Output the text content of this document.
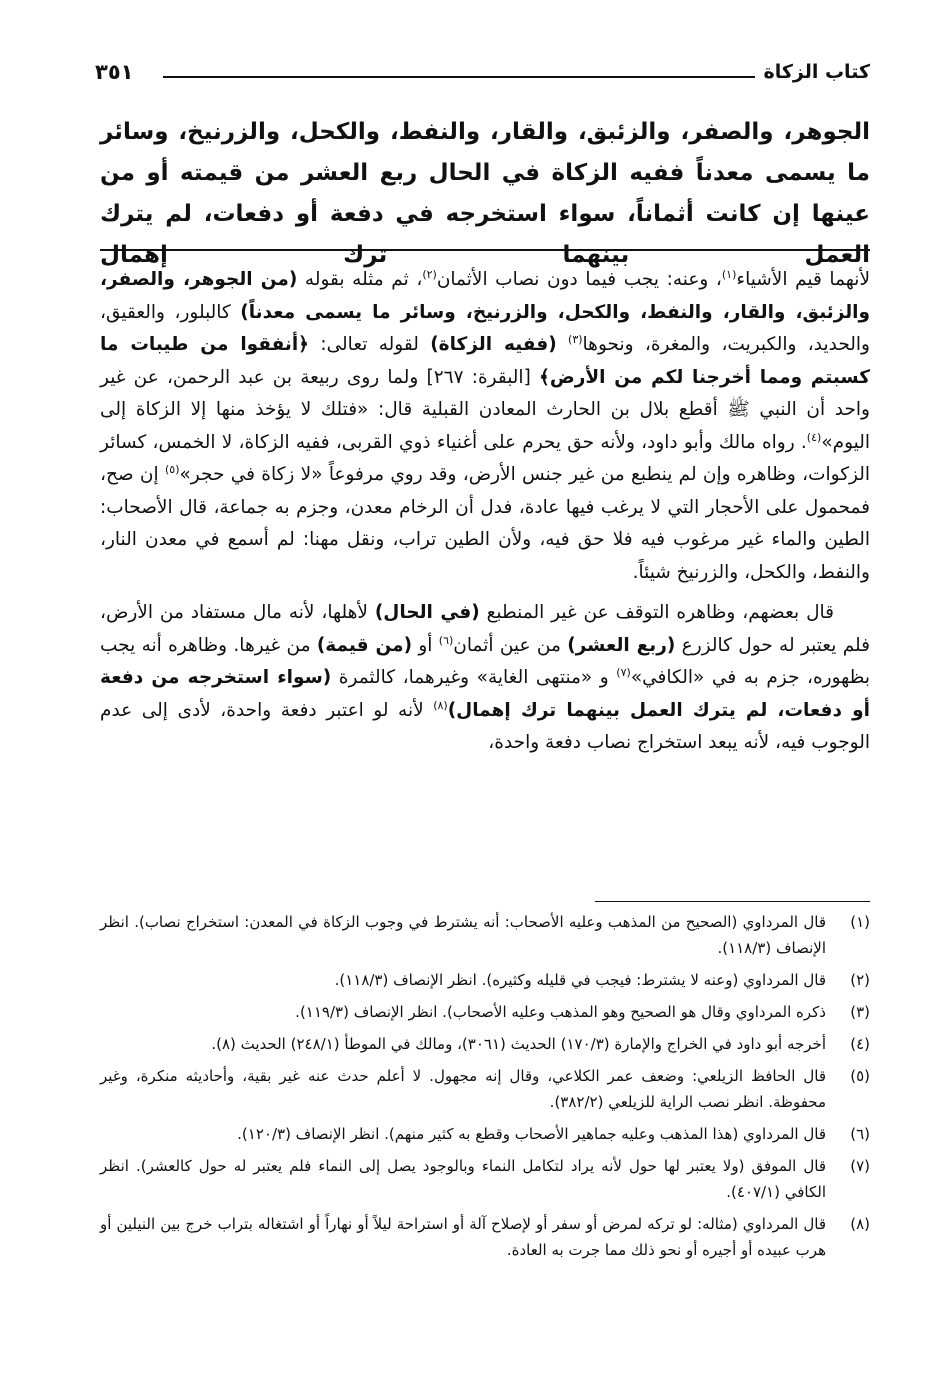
كتاب الزكاة
٣٥١

الجوهر، والصفر، والزئبق، والقار، والنفط، والكحل، والزرنيخ، وسائر ما يسمى معدناً ففيه الزكاة في الحال ربع العشر من قيمته أو من عينها إن كانت أثماناً، سواء استخرجه في دفعة أو دفعات، لم يترك العمل بينهما ترك إهمال

لأنهما قيم الأشياء$^{(١)}$، وعنه: يجب فيما دون نصاب الأثمان$^{(٢)}$، ثم مثله بقوله (من الجوهر، والصفر، والزئبق، والقار، والنفط، والكحل، والزرنيخ، وسائر ما يسمى معدناً) كالبلور، والعقيق، والحديد، والكبريت، والمغرة، ونحوها$^{(٣)}$ (ففيه الزكاة) لقوله تعالى: ﴿أنفقوا من طيبات ما كسبتم ومما أخرجنا لكم من الأرض﴾ [البقرة: ٢٦٧] ولما روى ربيعة بن عبد الرحمن، عن غير واحد أن النبي ﷺ أقطع بلال بن الحارث المعادن القبلية قال: «فتلك لا يؤخذ منها إلا الزكاة إلى اليوم»$^{(٤)}$. رواه مالك وأبو داود، ولأنه حق يحرم على أغنياء ذوي القربى، ففيه الزكاة، لا الخمس، كسائر الزكوات، وظاهره وإن لم ينطبع من غير جنس الأرض، وقد روي مرفوعاً «لا زكاة في حجر»$^{(٥)}$ إن صح، فمحمول على الأحجار التي لا يرغب فيها عادة، فدل أن الرخام معدن، وجزم به جماعة، قال الأصحاب: الطين والماء غير مرغوب فيه فلا حق فيه، ولأن الطين تراب، ونقل مهنا: لم أسمع في معدن النار، والنفط، والكحل، والزرنيخ شيئاً.

قال بعضهم، وظاهره التوقف عن غير المنطبع (في الحال) لأهلها، لأنه مال مستفاد من الأرض، فلم يعتبر له حول كالزرع (ربع العشر) من عين أثمان$^{(٦)}$ أو (من قيمة) من غيرها. وظاهره أنه يجب بظهوره، جزم به في «الكافي»$^{(٧)}$ و «منتهى الغاية» وغيرهما، كالثمرة (سواء استخرجه من دفعة أو دفعات، لم يترك العمل بينهما ترك إهمال)$^{(٨)}$ لأنه لو اعتبر دفعة واحدة، لأدى إلى عدم الوجوب فيه، لأنه يبعد استخراج نصاب دفعة واحدة،

(١)
قال المرداوي (الصحيح من المذهب وعليه الأصحاب: أنه يشترط في وجوب الزكاة في المعدن: استخراج نصاب). انظر الإنصاف (١١٨/٣).
(٢)
قال المرداوي (وعنه لا يشترط: فيجب في قليله وكثيره). انظر الإنصاف (١١٨/٣).
(٣)
ذكره المرداوي وقال هو الصحيح وهو المذهب وعليه الأصحاب). انظر الإنصاف (١١٩/٣).
(٤)
أخرجه أبو داود في الخراج والإمارة (١٧٠/٣) الحديث (٣٠٦١)، ومالك في الموطأ (٢٤٨/١) الحديث (٨).
(٥)
قال الحافظ الزيلعي: وضعف عمر الكلاعي، وقال إنه مجهول. لا أعلم حدث عنه غير بقية، وأحاديثه منكرة، وغير محفوظة. انظر نصب الراية للزيلعي (٣٨٢/٢).
(٦)
قال المرداوي (هذا المذهب وعليه جماهير الأصحاب وقطع به كثير منهم). انظر الإنصاف (١٢٠/٣).
(٧)
قال الموفق (ولا يعتبر لها حول لأنه يراد لتكامل النماء وبالوجود يصل إلى النماء فلم يعتبر له حول كالعشر). انظر الكافي (٤٠٧/١).
(٨)
قال المرداوي (مثاله: لو تركه لمرض أو سفر أو لإصلاح آلة أو استراحة ليلاً أو نهاراً أو اشتغاله بتراب خرج بين النيلين أو هرب عبيده أو أجيره أو نحو ذلك مما جرت به العادة.
